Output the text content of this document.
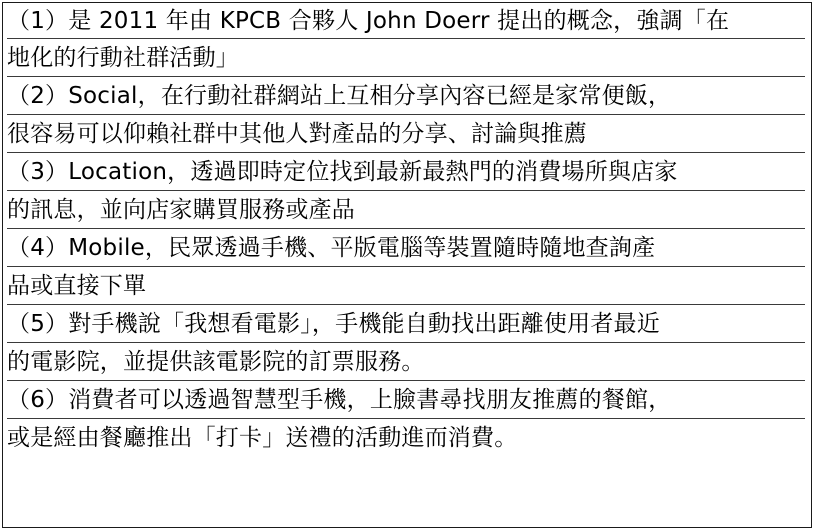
（1）是 2011 年由 KPCB 合夥人 John Doerr 提出的概念，強調「在
地化的行動社群活動」
（2）Social，在行動社群網站上互相分享內容已經是家常便飯，
很容易可以仰賴社群中其他人對產品的分享、討論與推薦
（3）Location，透過即時定位找到最新最熱門的消費場所與店家
的訊息，並向店家購買服務或產品
（4）Mobile，民眾透過手機、平版電腦等裝置隨時隨地查詢產
品或直接下單
（5）對手機說「我想看電影」，手機能自動找出距離使用者最近
的電影院，並提供該電影院的訂票服務。
（6）消費者可以透過智慧型手機，上臉書尋找朋友推薦的餐館，
或是經由餐廳推出「打卡」送禮的活動進而消費。
